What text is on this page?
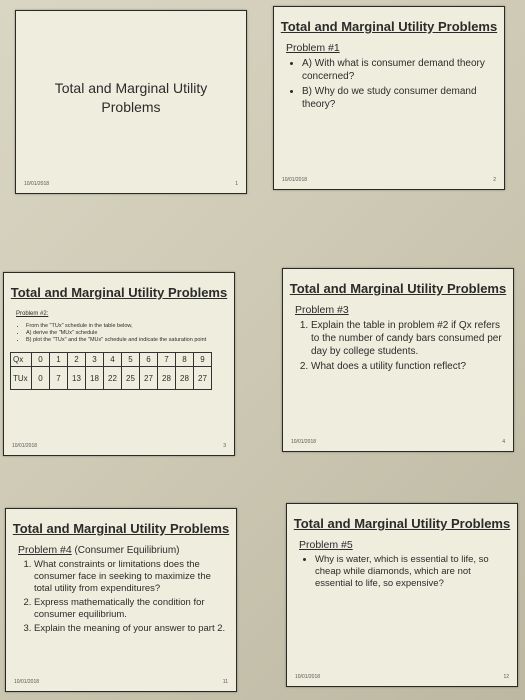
Total and Marginal Utility Problems
10/01/2018	1
Total and Marginal Utility Problems
Problem #1
• A) With what is consumer demand theory concerned?
• B) Why do we study consumer demand theory?
10/01/2018	2
Total and Marginal Utility Problems
Problem #2:
• From the "TUx" schedule in the table below,
• A) derive the "MUx" schedule
• B) plot the "TUx" and the "MUx" schedule and indicate the saturation point
Qx	0	1	2	3	4	5	6	7	8	9
TUx	0	7	13	18	22	25	27	28	28	27
10/01/2018	3
Total and Marginal Utility Problems
Problem #3
1. Explain the table in problem #2 if Qx refers to the number of candy bars consumed per day by college students.
2. What does a utility function reflect?
10/01/2018	4
Total and Marginal Utility Problems
Problem #4 (Consumer Equilibrium)
1. What constraints or limitations does the consumer face in seeking to maximize the total utility from expenditures?
2. Express mathematically the condition for consumer equilibrium.
3. Explain the meaning of your answer to part 2.
10/01/2018	11
Total and Marginal Utility Problems
Problem #5
• Why is water, which is essential to life, so cheap while diamonds, which are not essential to life, so expensive?
10/01/2018	12
